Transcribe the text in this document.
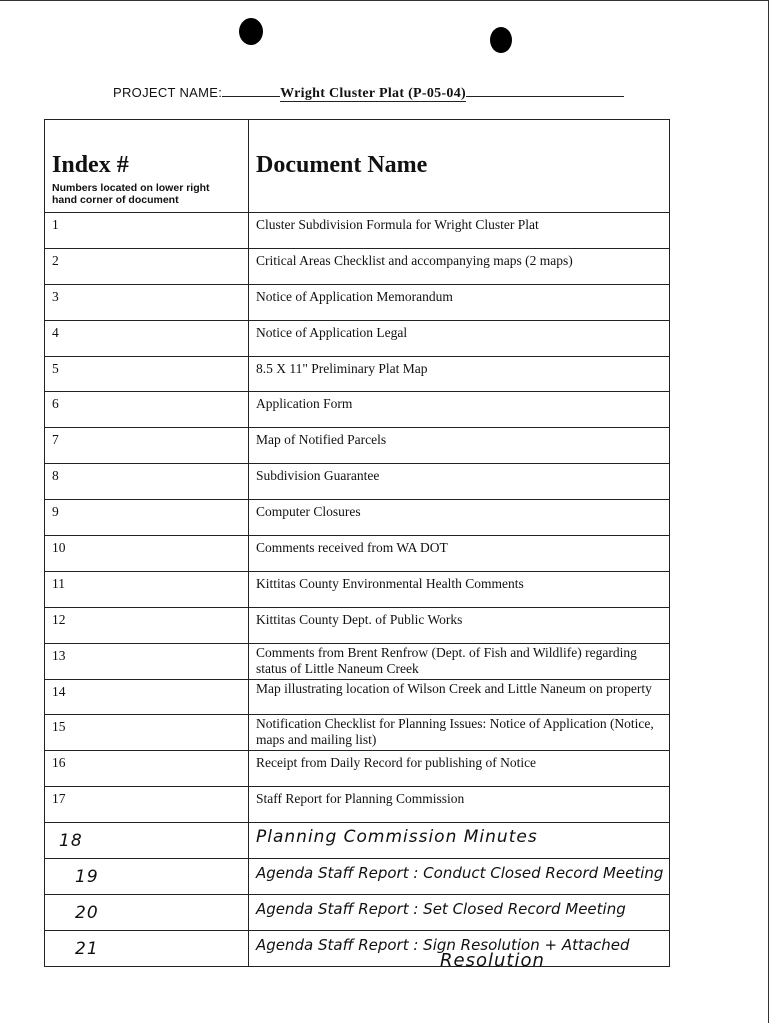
PROJECT NAME:	Wright Cluster Plat (P-05-04)
Index #
Numbers located on lower right hand corner of document
Document Name
1	Cluster Subdivision Formula for Wright Cluster Plat
2	Critical Areas Checklist and accompanying maps (2 maps)
3	Notice of Application Memorandum
4	Notice of Application Legal
5	8.5 X 11" Preliminary Plat Map
6	Application Form
7	Map of Notified Parcels
8	Subdivision Guarantee
9	Computer Closures
10	Comments received from WA DOT
11	Kittitas County Environmental Health Comments
12	Kittitas County Dept. of Public Works
13	Comments from Brent Renfrow (Dept. of Fish and Wildlife) regarding status of Little Naneum Creek
14	Map illustrating location of Wilson Creek and Little Naneum on property
15	Notification Checklist for Planning Issues: Notice of Application (Notice, maps and mailing list)
16	Receipt from Daily Record for publishing of Notice
17	Staff Report for Planning Commission
18	Planning Commission Minutes
19	Agenda Staff Report : Conduct Closed Record Meeting
20	Agenda Staff Report : Set Closed Record Meeting
21	Agenda Staff Report : Sign Resolution + Attached
Resolution
